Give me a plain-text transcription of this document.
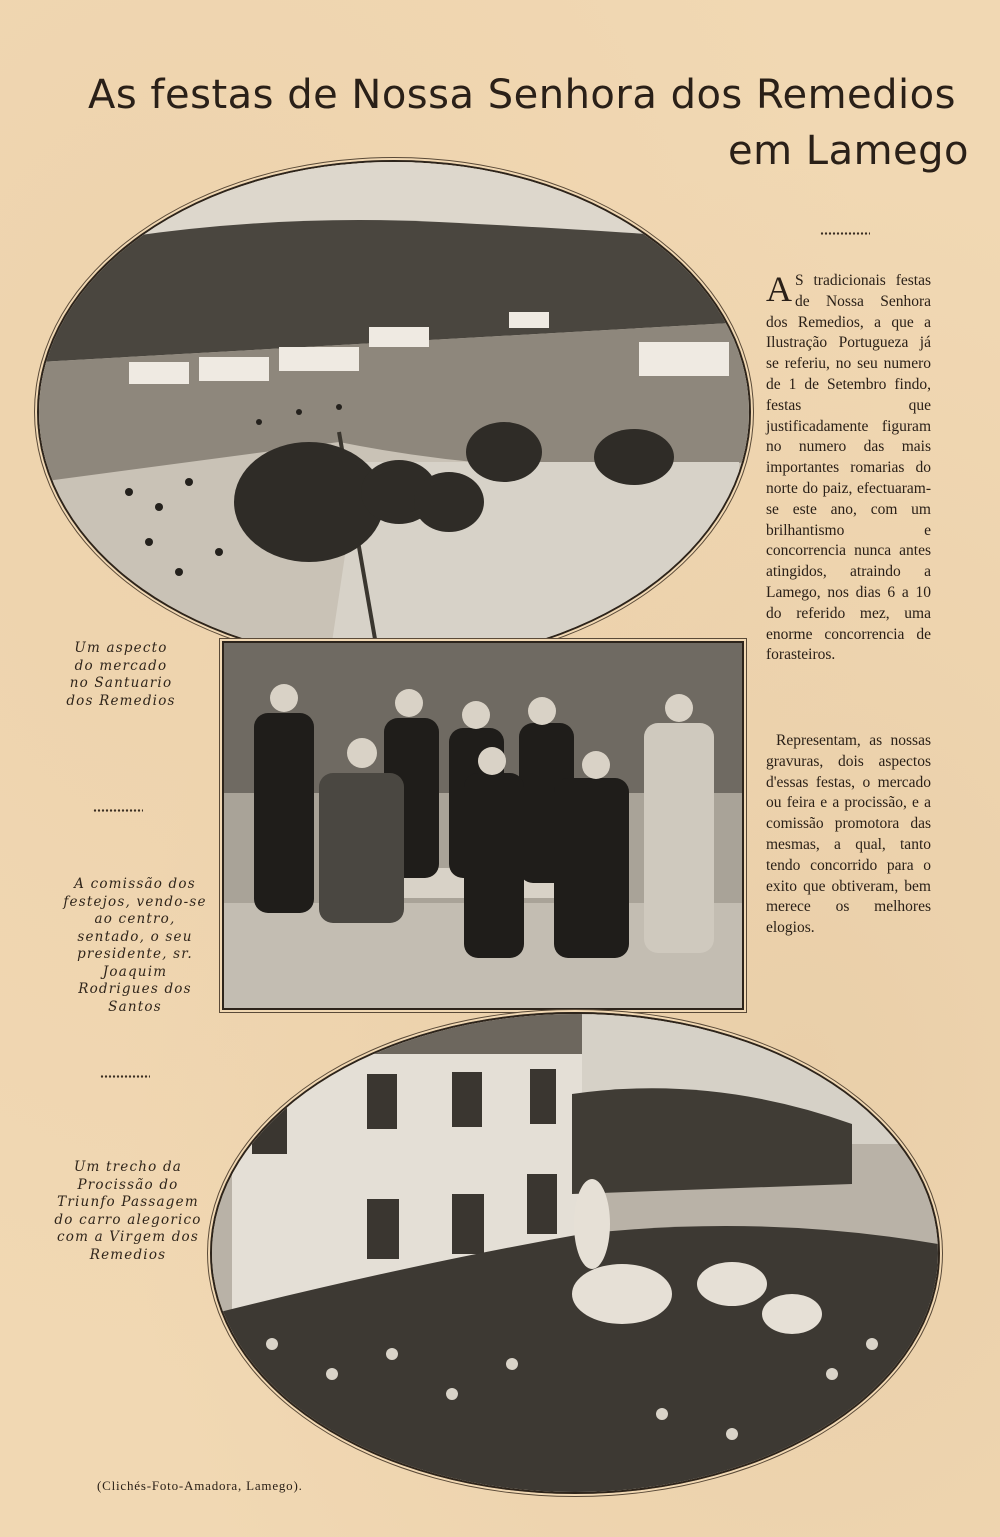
As festas de Nossa Senhora dos Remedios
em Lamego

Um aspecto do mercado no Santuario dos Remedios

A comissão dos festejos, vendo-se ao centro, sentado, o seu presidente, sr. Joaquim Rodrigues dos Santos

Um trecho da Procissão do Triunfo Passagem do carro alegorico com a Virgem dos Remedios

A S tradicionais festas de Nossa Senhora dos Remedios, a que a Ilustração Portugueza já se referiu, no seu numero de 1 de Setembro findo, festas que justificadamente figuram no numero das mais importantes romarias do norte do paiz, efectuaram-se este ano, com um brilhantismo e concorrencia nunca antes atingidos, atraindo a Lamego, nos dias 6 a 10 do referido mez, uma enorme concorrencia de forasteiros.

Representam, as nossas gravuras, dois aspectos d'essas festas, o mercado ou feira e a procissão, e a comissão promotora das mesmas, a qual, tanto tendo concorrido para o exito que obtiveram, bem merece os melhores elogios.

(Clichés-Foto-Amadora, Lamego).
